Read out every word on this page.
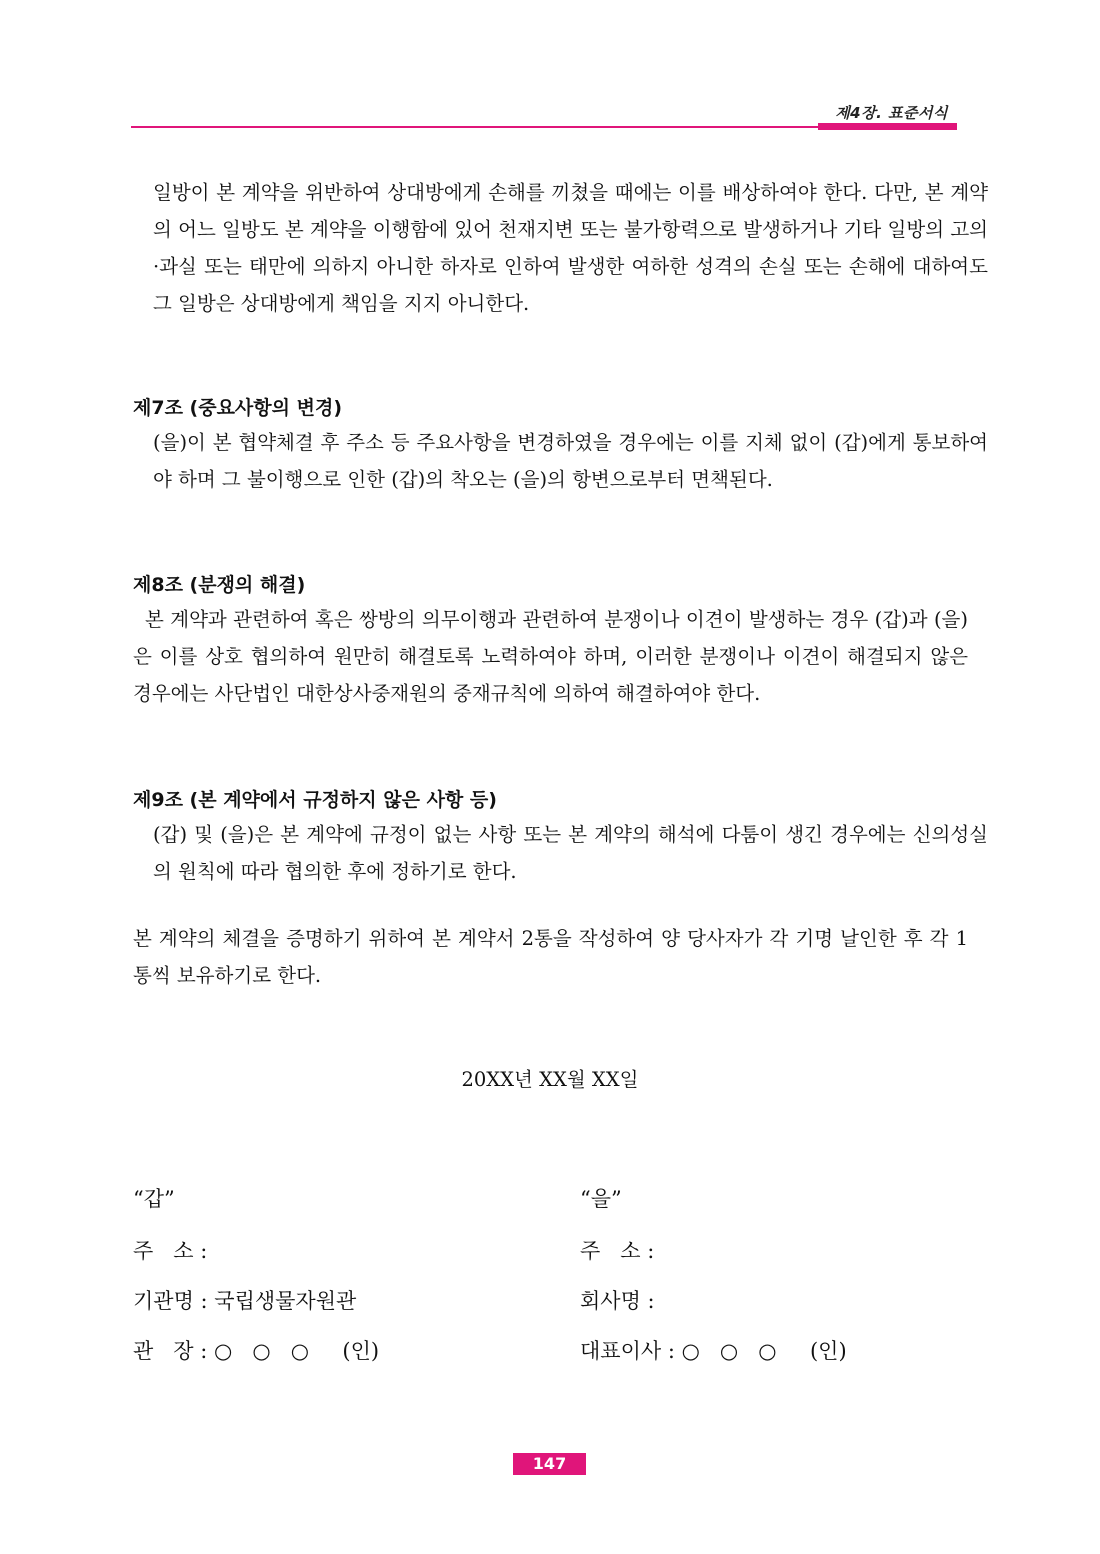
제4장. 표준서식
일방이 본 계약을 위반하여 상대방에게 손해를 끼쳤을 때에는 이를 배상하여야 한다. 다만, 본 계약의 어느 일방도 본 계약을 이행함에 있어 천재지변 또는 불가항력으로 발생하거나 기타 일방의 고의·과실 또는 태만에 의하지 아니한 하자로 인하여 발생한 여하한 성격의 손실 또는 손해에 대하여도 그 일방은 상대방에게 책임을 지지 아니한다.
제7조 (중요사항의 변경)
(을)이 본 협약체결 후 주소 등 주요사항을 변경하였을 경우에는 이를 지체 없이 (갑)에게 통보하여야 하며 그 불이행으로 인한 (갑)의 착오는 (을)의 항변으로부터 면책된다.
제8조 (분쟁의 해결)
본 계약과 관련하여 혹은 쌍방의 의무이행과 관련하여 분쟁이나 이견이 발생하는 경우 (갑)과 (을)은 이를 상호 협의하여 원만히 해결토록 노력하여야 하며, 이러한 분쟁이나 이견이 해결되지 않은 경우에는 사단법인 대한상사중재원의 중재규칙에 의하여 해결하여야 한다.
제9조 (본 계약에서 규정하지 않은 사항 등)
(갑) 및 (을)은 본 계약에 규정이 없는 사항 또는 본 계약의 해석에 다툼이 생긴 경우에는 신의성실의 원칙에 따라 협의한 후에 정하기로 한다.
본 계약의 체결을 증명하기 위하여 본 계약서 2통을 작성하여 양 당사자가 각 기명 날인한 후 각 1통씩 보유하기로 한다.
20XX년 XX월 XX일
“갑”
주   소 :
기관명 : 국립생물자원관
관   장 : ○   ○   ○     (인)
“을”
주   소 :
회사명 :
대표이사 : ○   ○   ○     (인)
147
